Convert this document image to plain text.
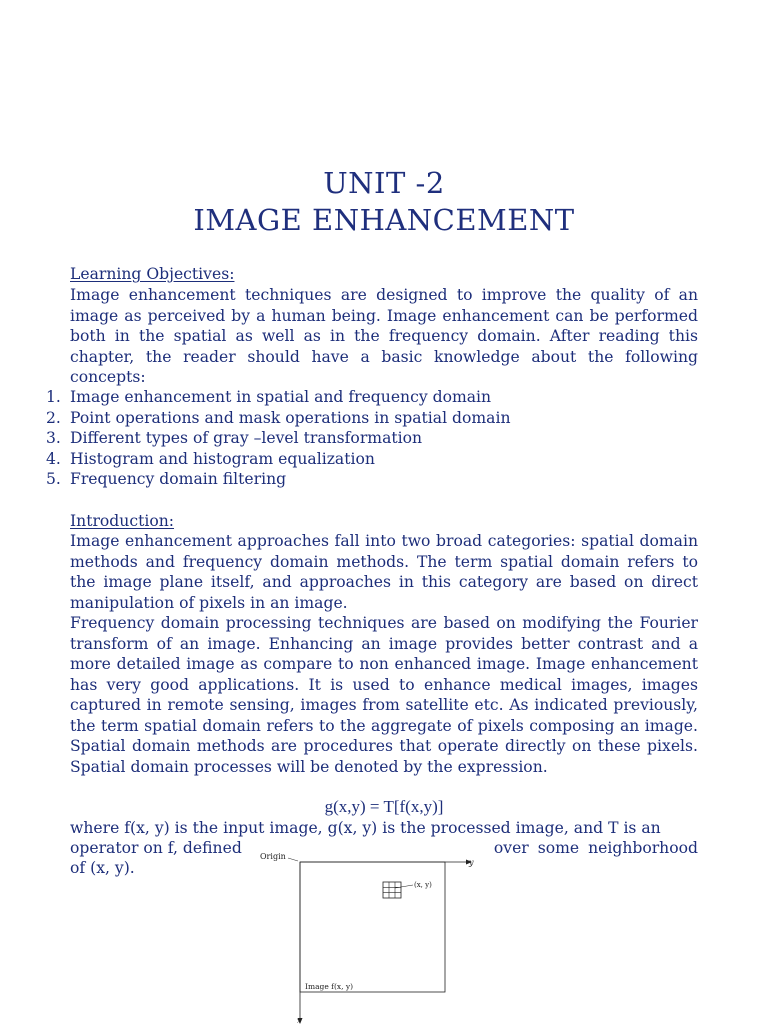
UNIT -2
IMAGE ENHANCEMENT

Learning Objectives:

Image enhancement techniques are designed to improve the quality of an image as perceived by a human being. Image enhancement can be performed both in the spatial as well as in the frequency domain. After reading this chapter, the reader should have a basic knowledge about the following concepts:

1. Image enhancement in spatial and frequency domain
2. Point operations and mask operations in spatial domain
3. Different types of gray –level transformation
4. Histogram and histogram equalization
5. Frequency domain filtering

Introduction:

Image enhancement approaches fall into two broad categories: spatial domain methods and frequency domain methods. The term spatial domain refers to the image plane itself, and approaches in this category are based on direct manipulation of pixels in an image.

Frequency domain processing techniques are based on modifying the Fourier transform of an image. Enhancing an image provides better contrast and a more detailed image as compare to non enhanced image. Image enhancement has very good applications. It is used to enhance medical images, images captured in remote sensing, images from satellite etc. As indicated previously, the term spatial domain refers to the aggregate of pixels composing an image. Spatial domain methods are procedures that operate directly on these pixels. Spatial domain processes will be denoted by the expression.

g(x,y) = T[f(x,y)]

where f(x, y) is the input image, g(x, y) is the processed image, and T is an

operator on f, defined	over some neighborhood

of (x, y).

Origin
y
x
(x, y)
Image f(x, y)
